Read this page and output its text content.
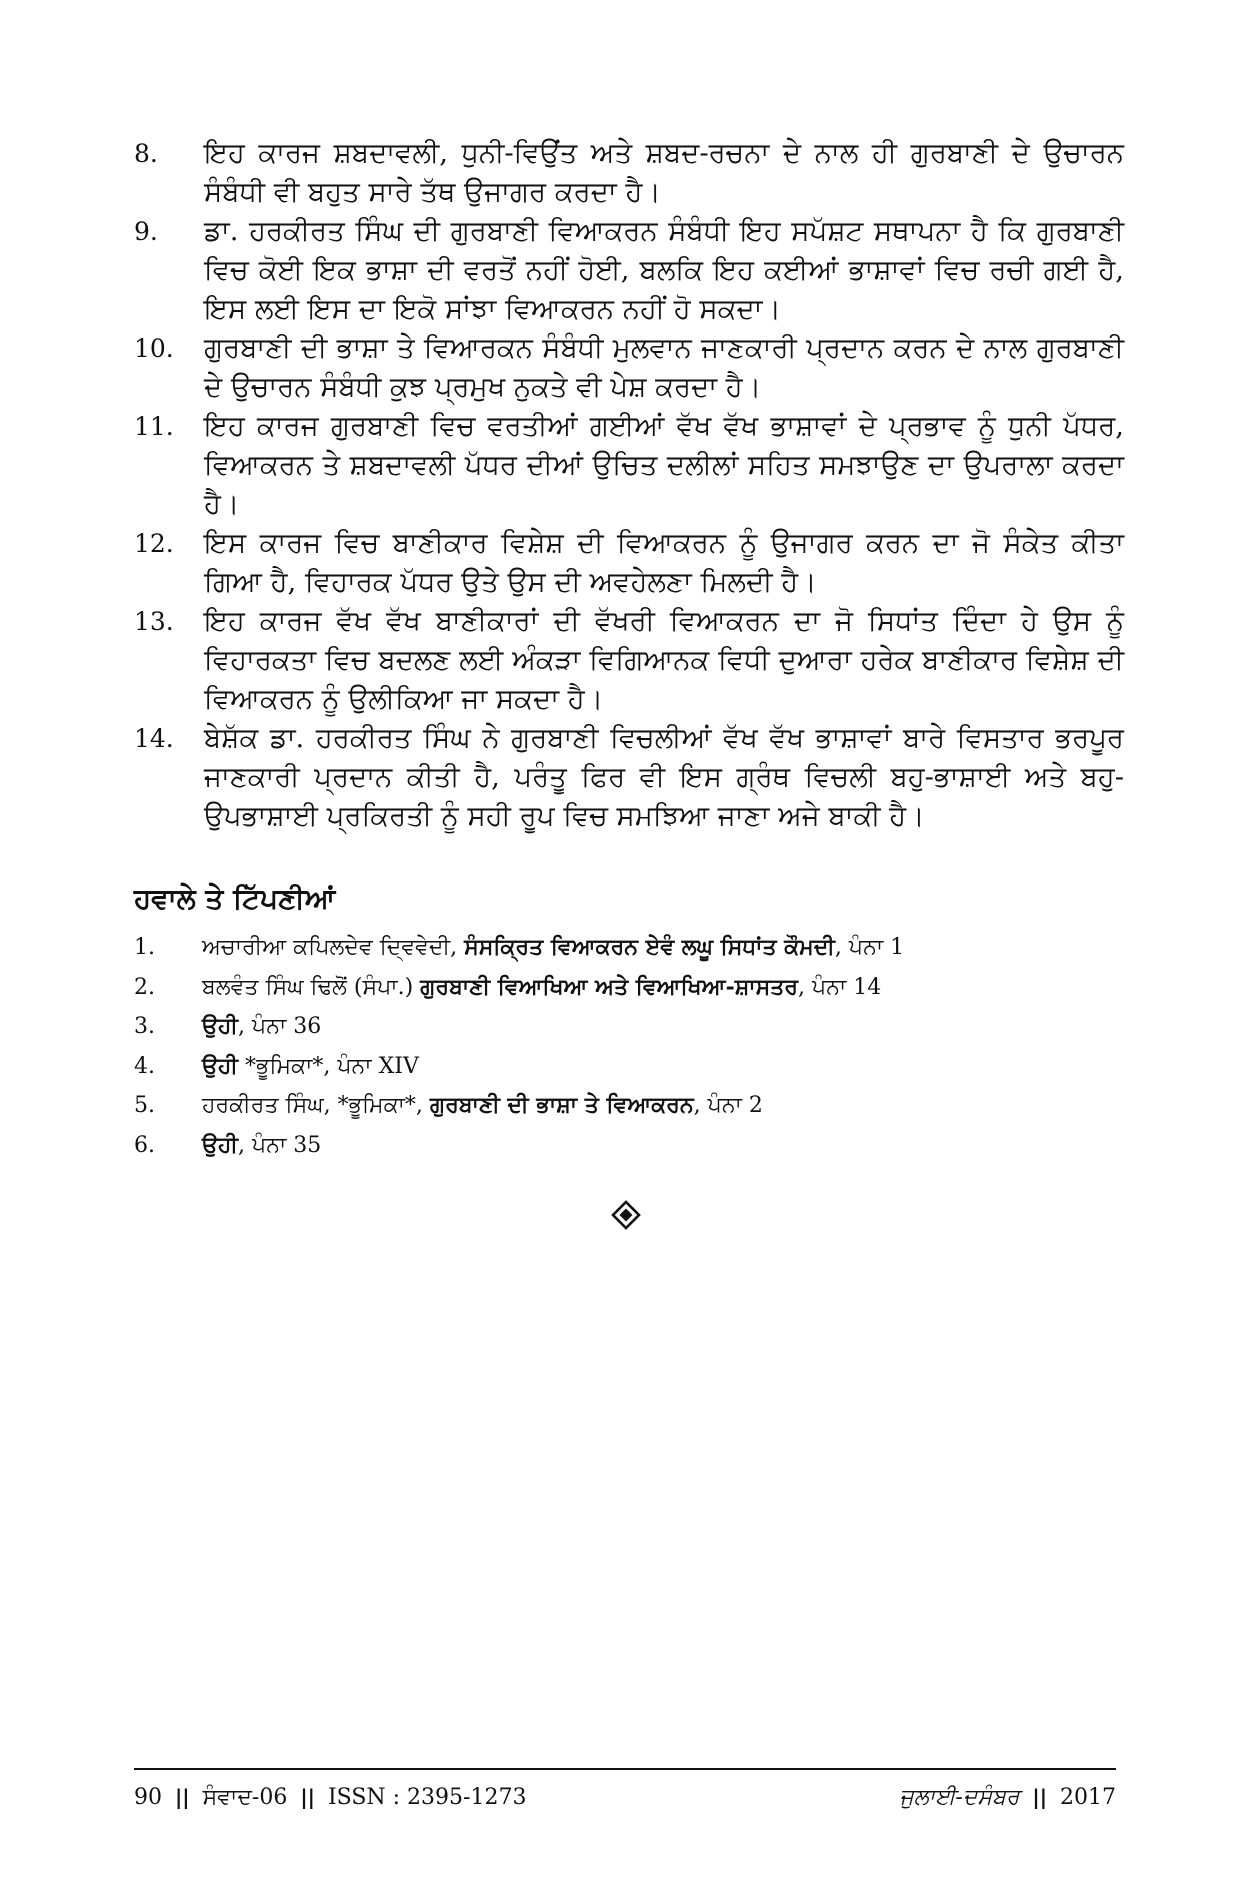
8. ਇਹ ਕਾਰਜ ਸ਼ਬਦਾਵਲੀ, ਧੁਨੀ-ਵਿਉਂਤ ਅਤੇ ਸ਼ਬਦ-ਰਚਨਾ ਦੇ ਨਾਲ ਹੀ ਗੁਰਬਾਣੀ ਦੇ ਉਚਾਰਨ ਸੰਬੰਧੀ ਵੀ ਬਹੁਤ ਸਾਰੇ ਤੱਥ ਉਜਾਗਰ ਕਰਦਾ ਹੈ।
9. ਡਾ. ਹਰਕੀਰਤ ਸਿੰਘ ਦੀ ਗੁਰਬਾਣੀ ਵਿਆਕਰਨ ਸੰਬੰਧੀ ਇਹ ਸਪੱਸ਼ਟ ਸਥਾਪਨਾ ਹੈ ਕਿ ਗੁਰਬਾਣੀ ਵਿਚ ਕੋਈ ਇਕ ਭਾਸ਼ਾ ਦੀ ਵਰਤੋਂ ਨਹੀਂ ਹੋਈ, ਬਲਕਿ ਇਹ ਕਈਆਂ ਭਾਸ਼ਾਵਾਂ ਵਿਚ ਰਚੀ ਗਈ ਹੈ, ਇਸ ਲਈ ਇਸ ਦਾ ਇਕੋ ਸਾਂਝਾ ਵਿਆਕਰਨ ਨਹੀਂ ਹੋ ਸਕਦਾ।
10. ਗੁਰਬਾਣੀ ਦੀ ਭਾਸ਼ਾ ਤੇ ਵਿਆਰਕਨ ਸੰਬੰਧੀ ਮੁਲਵਾਨ ਜਾਣਕਾਰੀ ਪ੍ਰਦਾਨ ਕਰਨ ਦੇ ਨਾਲ ਗੁਰਬਾਣੀ ਦੇ ਉਚਾਰਨ ਸੰਬੰਧੀ ਕੁਝ ਪ੍ਰਮੁਖ ਨੁਕਤੇ ਵੀ ਪੇਸ਼ ਕਰਦਾ ਹੈ।
11. ਇਹ ਕਾਰਜ ਗੁਰਬਾਣੀ ਵਿਚ ਵਰਤੀਆਂ ਗਈਆਂ ਵੱਖ ਵੱਖ ਭਾਸ਼ਾਵਾਂ ਦੇ ਪ੍ਰਭਾਵ ਨੂੰ ਧੁਨੀ ਪੱਧਰ, ਵਿਆਕਰਨ ਤੇ ਸ਼ਬਦਾਵਲੀ ਪੱਧਰ ਦੀਆਂ ਉਚਿਤ ਦਲੀਲਾਂ ਸਹਿਤ ਸਮਝਾਉਣ ਦਾ ਉਪਰਾਲਾ ਕਰਦਾ ਹੈ।
12. ਇਸ ਕਾਰਜ ਵਿਚ ਬਾਣੀਕਾਰ ਵਿਸ਼ੇਸ਼ ਦੀ ਵਿਆਕਰਨ ਨੂੰ ਉਜਾਗਰ ਕਰਨ ਦਾ ਜੋ ਸੰਕੇਤ ਕੀਤਾ ਗਿਆ ਹੈ, ਵਿਹਾਰਕ ਪੱਧਰ ਉਤੇ ਉਸ ਦੀ ਅਵਹੇਲਣਾ ਮਿਲਦੀ ਹੈ।
13. ਇਹ ਕਾਰਜ ਵੱਖ ਵੱਖ ਬਾਣੀਕਾਰਾਂ ਦੀ ਵੱਖਰੀ ਵਿਆਕਰਨ ਦਾ ਜੋ ਸਿਧਾਂਤ ਦਿੰਦਾ ਹੇ ਉਸ ਨੂੰ ਵਿਹਾਰਕਤਾ ਵਿਚ ਬਦਲਣ ਲਈ ਅੰਕੜਾ ਵਿਗਿਆਨਕ ਵਿਧੀ ਦੁਆਰਾ ਹਰੇਕ ਬਾਣੀਕਾਰ ਵਿਸ਼ੇਸ਼ ਦੀ ਵਿਆਕਰਨ ਨੂੰ ਉਲੀਕਿਆ ਜਾ ਸਕਦਾ ਹੈ।
14. ਬੇਸ਼ੱਕ ਡਾ. ਹਰਕੀਰਤ ਸਿੰਘ ਨੇ ਗੁਰਬਾਣੀ ਵਿਚਲੀਆਂ ਵੱਖ ਵੱਖ ਭਾਸ਼ਾਵਾਂ ਬਾਰੇ ਵਿਸਤਾਰ ਭਰਪੂਰ ਜਾਣਕਾਰੀ ਪ੍ਰਦਾਨ ਕੀਤੀ ਹੈ, ਪਰੰਤੂ ਫਿਰ ਵੀ ਇਸ ਗ੍ਰੰਥ ਵਿਚਲੀ ਬਹੁ-ਭਾਸ਼ਾਈ ਅਤੇ ਬਹੁ-ਉਪਭਾਸ਼ਾਈ ਪ੍ਰਕਿਰਤੀ ਨੂੰ ਸਹੀ ਰੂਪ ਵਿਚ ਸਮਝਿਆ ਜਾਣਾ ਅਜੇ ਬਾਕੀ ਹੈ।
ਹਵਾਲੇ ਤੇ ਟਿੱਪਣੀਆਂ
1. ਅਚਾਰੀਆ ਕਪਿਲਦੇਵ ਦ੍ਵਿਵੇਦੀ, ਸੰਸਕ੍ਰਿਤ ਵਿਆਕਰਨ ਏਵੰ ਲਘੂ ਸਿਧਾਂਤ ਕੌਮਦੀ, ਪੰਨਾ 1
2. ਬਲਵੰਤ ਸਿੰਘ ਢਿਲੋਂ (ਸੰਪਾ.) ਗੁਰਬਾਣੀ ਵਿਆਖਿਆ ਅਤੇ ਵਿਆਖਿਆ-ਸ਼ਾਸਤਰ, ਪੰਨਾ 14
3. ਉਹੀ, ਪੰਨਾ 36
4. ਉਹੀ *ਭੂਮਿਕਾ*, ਪੰਨਾ XIV
5. ਹਰਕੀਰਤ ਸਿੰਘ, *ਭੂਮਿਕਾ*, ਗੁਰਬਾਣੀ ਦੀ ਭਾਸ਼ਾ ਤੇ ਵਿਆਕਰਨ, ਪੰਨਾ 2
6. ਉਹੀ, ਪੰਨਾ 35
90 || ਸੰਵਾਦ-06 || ISSN : 2395-1273	ਜੁਲਾਈ-ਦਸੰਬਰ || 2017
